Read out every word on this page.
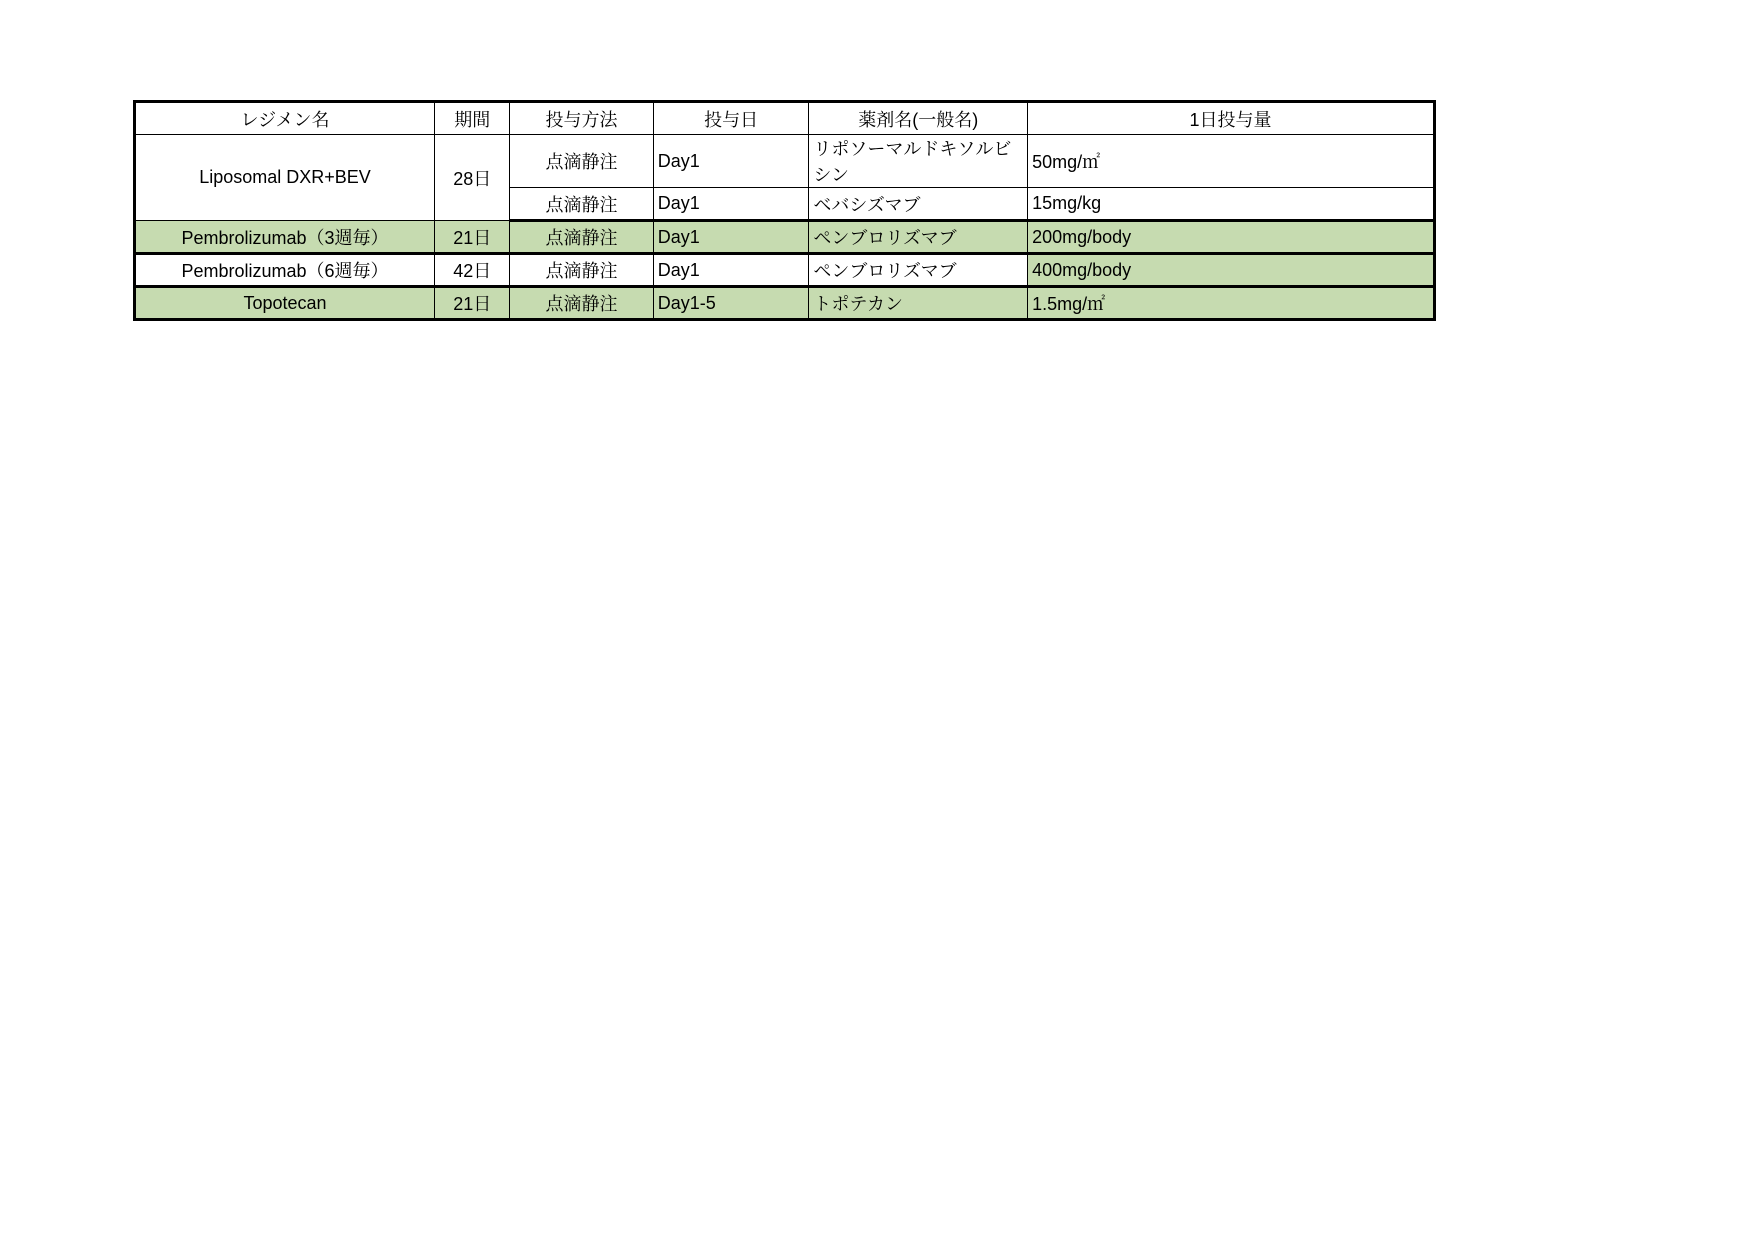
レジメン名	期間	投与方法	投与日	薬剤名(一般名)	1日投与量
Liposomal DXR+BEV	28日	点滴静注	Day1	リポソーマルドキソルビシン	50mg/㎡
		点滴静注	Day1	ベバシズマブ	15mg/kg
Pembrolizumab（3週毎）	21日	点滴静注	Day1	ペンブロリズマブ	200mg/body
Pembrolizumab（6週毎）	42日	点滴静注	Day1	ペンブロリズマブ	400mg/body
Topotecan	21日	点滴静注	Day1-5	トポテカン	1.5mg/㎡
